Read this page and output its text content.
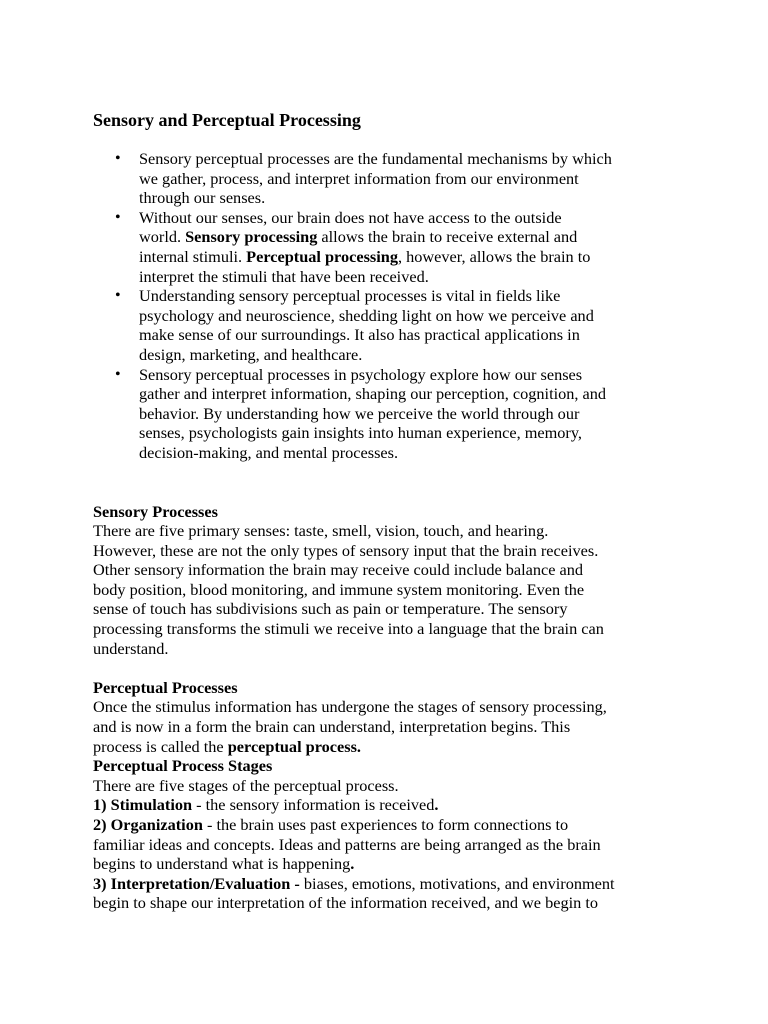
Sensory and Perceptual Processing
• Sensory perceptual processes are the fundamental mechanisms by which
we gather, process, and interpret information from our environment
through our senses.
• Without our senses, our brain does not have access to the outside
world. Sensory processing allows the brain to receive external and
internal stimuli. Perceptual processing, however, allows the brain to
interpret the stimuli that have been received.
• Understanding sensory perceptual processes is vital in fields like
psychology and neuroscience, shedding light on how we perceive and
make sense of our surroundings. It also has practical applications in
design, marketing, and healthcare.
• Sensory perceptual processes in psychology explore how our senses
gather and interpret information, shaping our perception, cognition, and
behavior. By understanding how we perceive the world through our
senses, psychologists gain insights into human experience, memory,
decision-making, and mental processes.
Sensory Processes
There are five primary senses: taste, smell, vision, touch, and hearing.
However, these are not the only types of sensory input that the brain receives.
Other sensory information the brain may receive could include balance and
body position, blood monitoring, and immune system monitoring. Even the
sense of touch has subdivisions such as pain or temperature. The sensory
processing transforms the stimuli we receive into a language that the brain can
understand.
Perceptual Processes
Once the stimulus information has undergone the stages of sensory processing,
and is now in a form the brain can understand, interpretation begins. This
process is called the perceptual process.
Perceptual Process Stages
There are five stages of the perceptual process.
1) Stimulation - the sensory information is received.
2) Organization - the brain uses past experiences to form connections to
familiar ideas and concepts. Ideas and patterns are being arranged as the brain
begins to understand what is happening.
3) Interpretation/Evaluation - biases, emotions, motivations, and environment
begin to shape our interpretation of the information received, and we begin to
